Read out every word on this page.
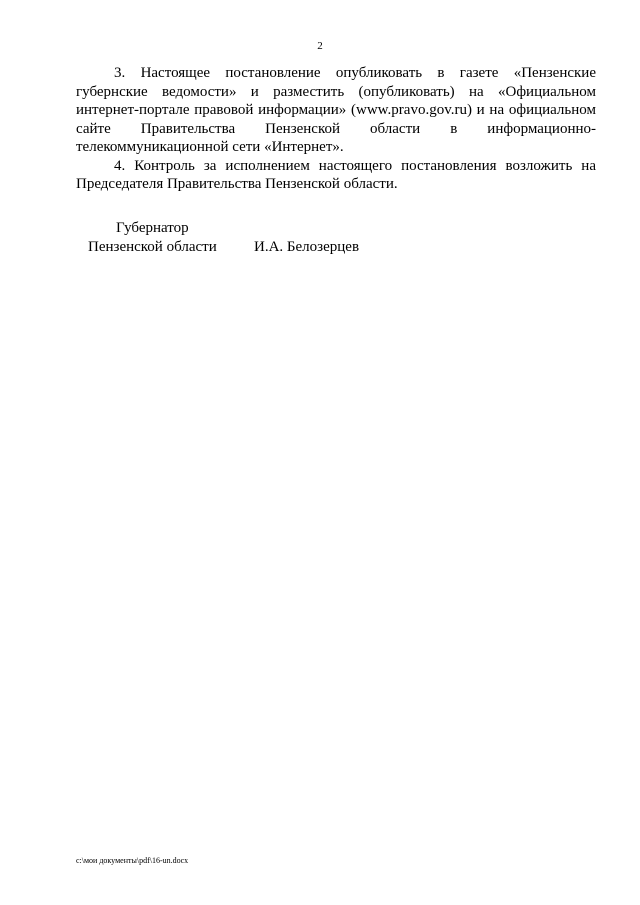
2

3. Настоящее постановление опубликовать в газете «Пензенские губернские ведомости» и разместить (опубликовать) на «Официальном интернет-портале правовой информации» (www.pravo.gov.ru) и на официальном сайте Правительства Пензенской области в информационно-телекоммуникационной сети «Интернет».

4. Контроль за исполнением настоящего постановления возложить на Председателя Правительства Пензенской области.

Губернатор
Пензенской области И.А. Белозерцев
c:\мои документы\pdf\16-un.docx
